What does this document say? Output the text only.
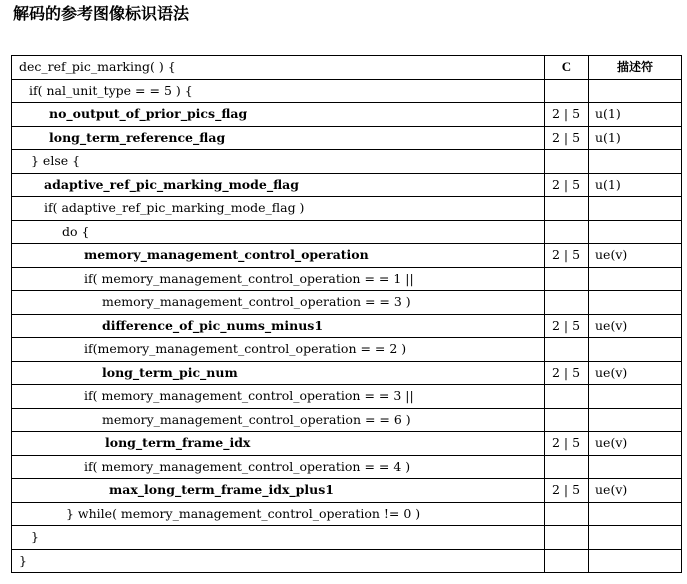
解码的参考图像标识语法
dec_ref_pic_marking( ) {	C	描述符
if( nal_unit_type = = 5 ) {		
no_output_of_prior_pics_flag	2 | 5	u(1)
long_term_reference_flag	2 | 5	u(1)
} else {		
adaptive_ref_pic_marking_mode_flag	2 | 5	u(1)
if( adaptive_ref_pic_marking_mode_flag )		
do {		
memory_management_control_operation	2 | 5	ue(v)
if( memory_management_control_operation = = 1 ||		
memory_management_control_operation = = 3 )		
difference_of_pic_nums_minus1	2 | 5	ue(v)
if(memory_management_control_operation = = 2 )		
long_term_pic_num	2 | 5	ue(v)
if( memory_management_control_operation = = 3 ||		
memory_management_control_operation = = 6 )		
long_term_frame_idx	2 | 5	ue(v)
if( memory_management_control_operation = = 4 )		
max_long_term_frame_idx_plus1	2 | 5	ue(v)
} while( memory_management_control_operation != 0 )		
}		
}		
